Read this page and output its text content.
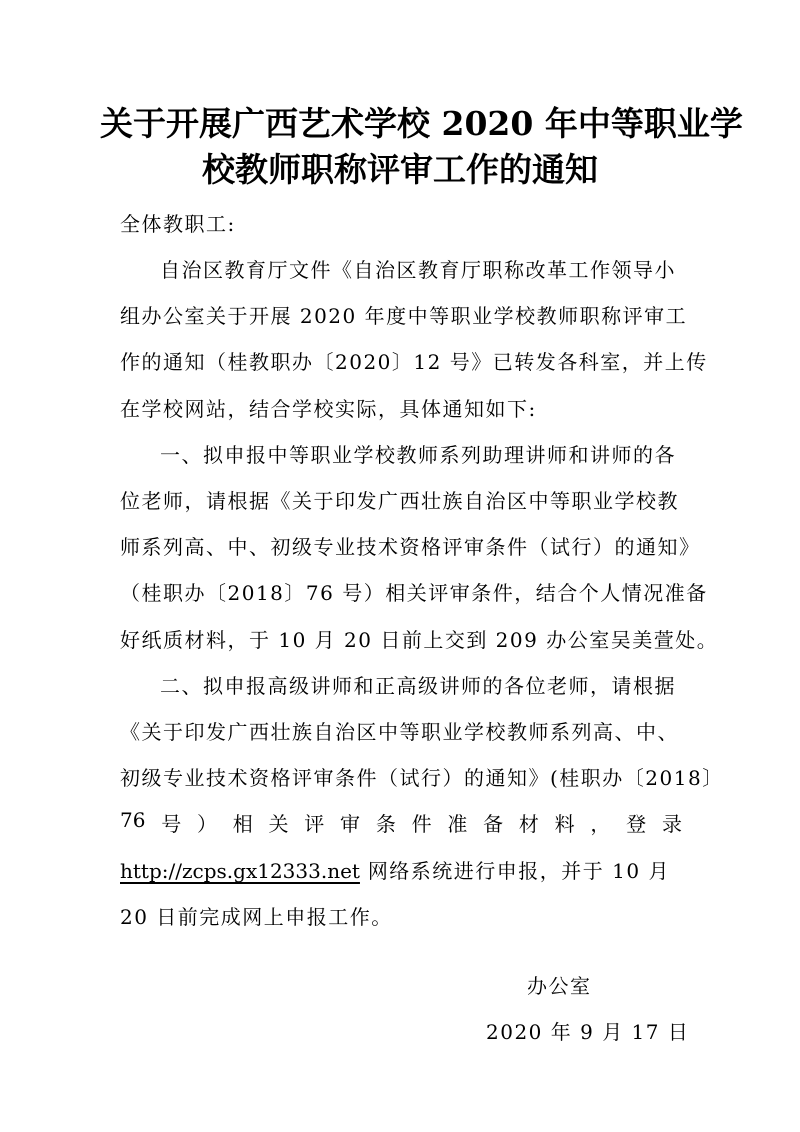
关于开展广西艺术学校 2020 年中等职业学
校教师职称评审工作的通知
全体教职工:
自治区教育厅文件《自治区教育厅职称改革工作领导小
组办公室关于开展 2020 年度中等职业学校教师职称评审工
作的通知（桂教职办〔2020〕12 号》已转发各科室，并上传
在学校网站，结合学校实际，具体通知如下:
一、拟申报中等职业学校教师系列助理讲师和讲师的各
位老师，请根据《关于印发广西壮族自治区中等职业学校教
师系列高、中、初级专业技术资格评审条件（试行）的通知》
（桂职办〔2018〕76 号）相关评审条件，结合个人情况准备
好纸质材料，于 10 月 20 日前上交到 209 办公室吴美萱处。
二、拟申报高级讲师和正高级讲师的各位老师，请根据
《关于印发广西壮族自治区中等职业学校教师系列高、中、
初级专业技术资格评审条件（试行）的通知》(桂职办〔2018〕
76 号 ） 相 关 评 审 条 件 准 备 材 料 ， 登 录
http://zcps.gx12333.net 网络系统进行申报，并于 10 月
20 日前完成网上申报工作。
办公室
2020 年 9 月 17 日
